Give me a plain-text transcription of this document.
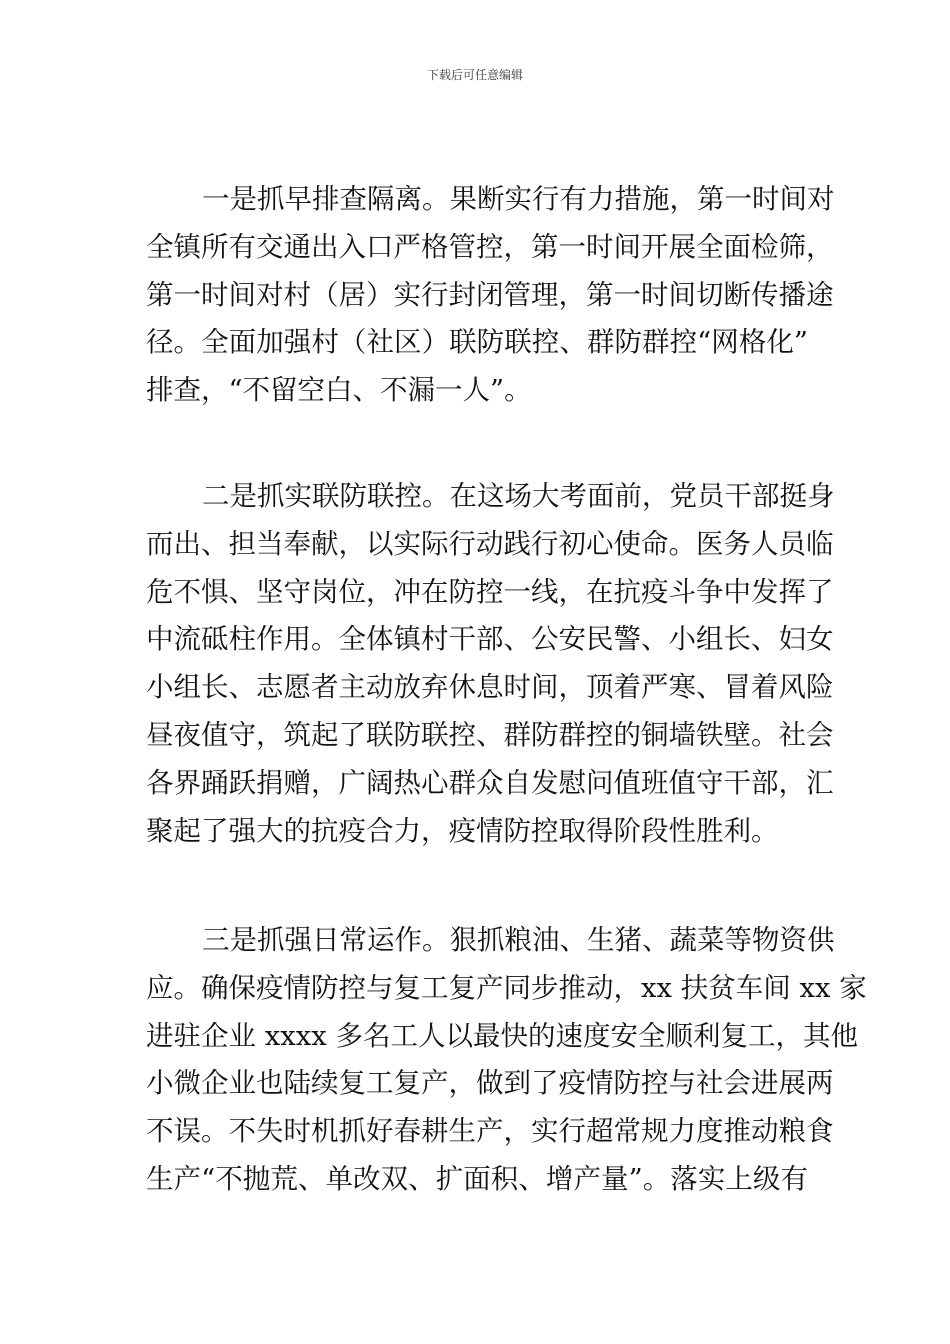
下载后可任意编辑
一是抓早排查隔离。果断实行有力措施，第一时间对
全镇所有交通出入口严格管控，第一时间开展全面检筛，
第一时间对村（居）实行封闭管理，第一时间切断传播途
径。全面加强村（社区）联防联控、群防群控“网格化”
排查，“不留空白、不漏一人”。
二是抓实联防联控。在这场大考面前，党员干部挺身
而出、担当奉献，以实际行动践行初心使命。医务人员临
危不惧、坚守岗位，冲在防控一线，在抗疫斗争中发挥了
中流砥柱作用。全体镇村干部、公安民警、小组长、妇女
小组长、志愿者主动放弃休息时间，顶着严寒、冒着风险
昼夜值守，筑起了联防联控、群防群控的铜墙铁壁。社会
各界踊跃捐赠，广阔热心群众自发慰问值班值守干部，汇
聚起了强大的抗疫合力，疫情防控取得阶段性胜利。
三是抓强日常运作。狠抓粮油、生猪、蔬菜等物资供
应。确保疫情防控与复工复产同步推动，xx 扶贫车间 xx 家
进驻企业 xxxx 多名工人以最快的速度安全顺利复工，其他
小微企业也陆续复工复产，做到了疫情防控与社会进展两
不误。不失时机抓好春耕生产，实行超常规力度推动粮食
生产“不抛荒、单改双、扩面积、增产量”。落实上级有
